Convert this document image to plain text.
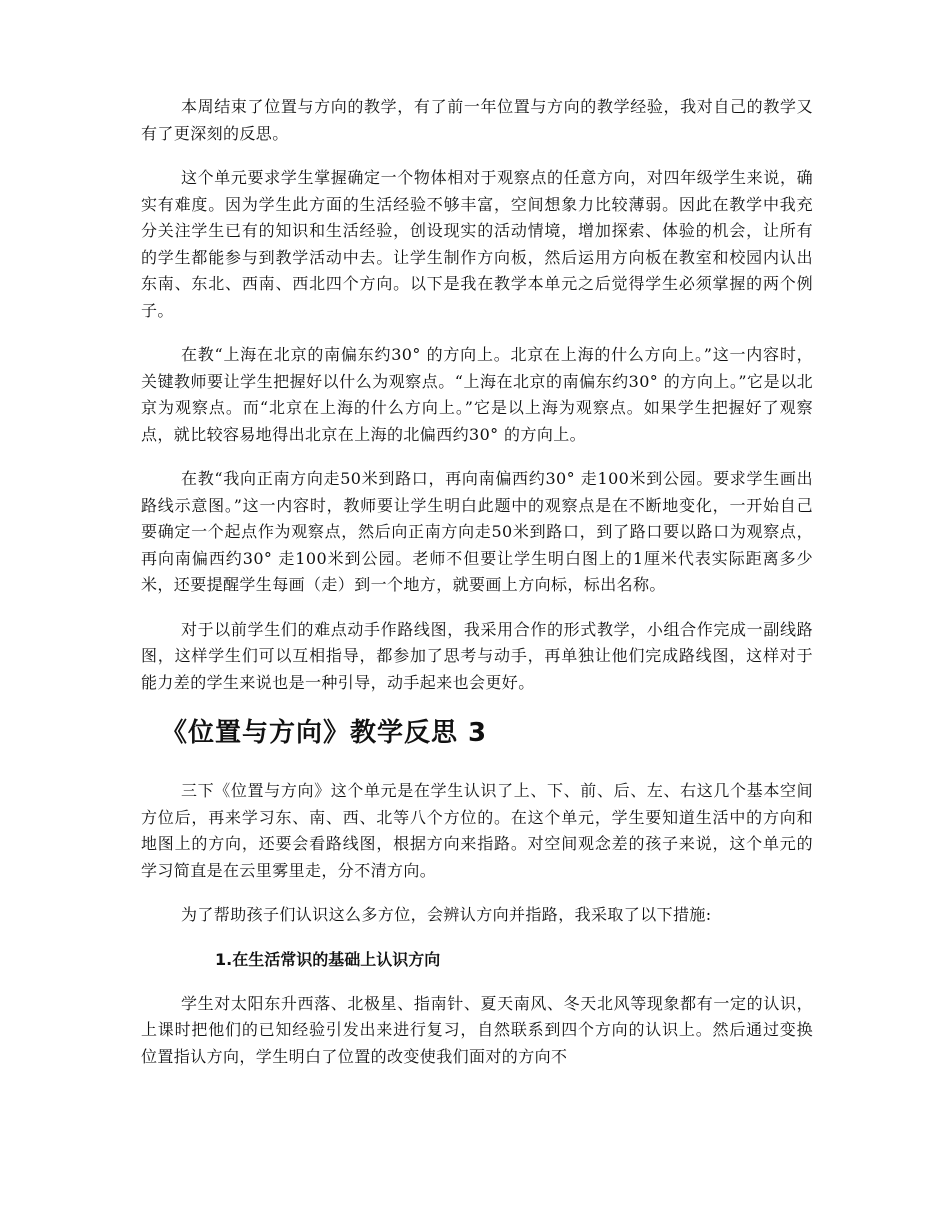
本周结束了位置与方向的教学，有了前一年位置与方向的教学经验，我对自己的教学又有了更深刻的反思。

这个单元要求学生掌握确定一个物体相对于观察点的任意方向，对四年级学生来说，确实有难度。因为学生此方面的生活经验不够丰富，空间想象力比较薄弱。因此在教学中我充分关注学生已有的知识和生活经验，创设现实的活动情境，增加探索、体验的机会，让所有的学生都能参与到教学活动中去。让学生制作方向板，然后运用方向板在教室和校园内认出东南、东北、西南、西北四个方向。以下是我在教学本单元之后觉得学生必须掌握的两个例子。

在教“上海在北京的南偏东约30° 的方向上。北京在上海的什么方向上。”这一内容时，关键教师要让学生把握好以什么为观察点。“上海在北京的南偏东约30° 的方向上。”它是以北京为观察点。而“北京在上海的什么方向上。”它是以上海为观察点。如果学生把握好了观察点，就比较容易地得出北京在上海的北偏西约30° 的方向上。

在教“我向正南方向走50米到路口，再向南偏西约30° 走100米到公园。要求学生画出路线示意图。”这一内容时，教师要让学生明白此题中的观察点是在不断地变化，一开始自己要确定一个起点作为观察点，然后向正南方向走50米到路口，到了路口要以路口为观察点，再向南偏西约30° 走100米到公园。老师不但要让学生明白图上的1厘米代表实际距离多少米，还要提醒学生每画（走）到一个地方，就要画上方向标，标出名称。

对于以前学生们的难点动手作路线图，我采用合作的形式教学，小组合作完成一副线路图，这样学生们可以互相指导，都参加了思考与动手，再单独让他们完成路线图，这样对于能力差的学生来说也是一种引导，动手起来也会更好。

《位置与方向》教学反思 3

三下《位置与方向》这个单元是在学生认识了上、下、前、后、左、右这几个基本空间方位后，再来学习东、南、西、北等八个方位的。在这个单元，学生要知道生活中的方向和地图上的方向，还要会看路线图，根据方向来指路。对空间观念差的孩子来说，这个单元的学习简直是在云里雾里走，分不清方向。

为了帮助孩子们认识这么多方位，会辨认方向并指路，我采取了以下措施:

1.在生活常识的基础上认识方向

学生对太阳东升西落、北极星、指南针、夏天南风、冬天北风等现象都有一定的认识，上课时把他们的已知经验引发出来进行复习，自然联系到四个方向的认识上。然后通过变换位置指认方向，学生明白了位置的改变使我们面对的方向不
